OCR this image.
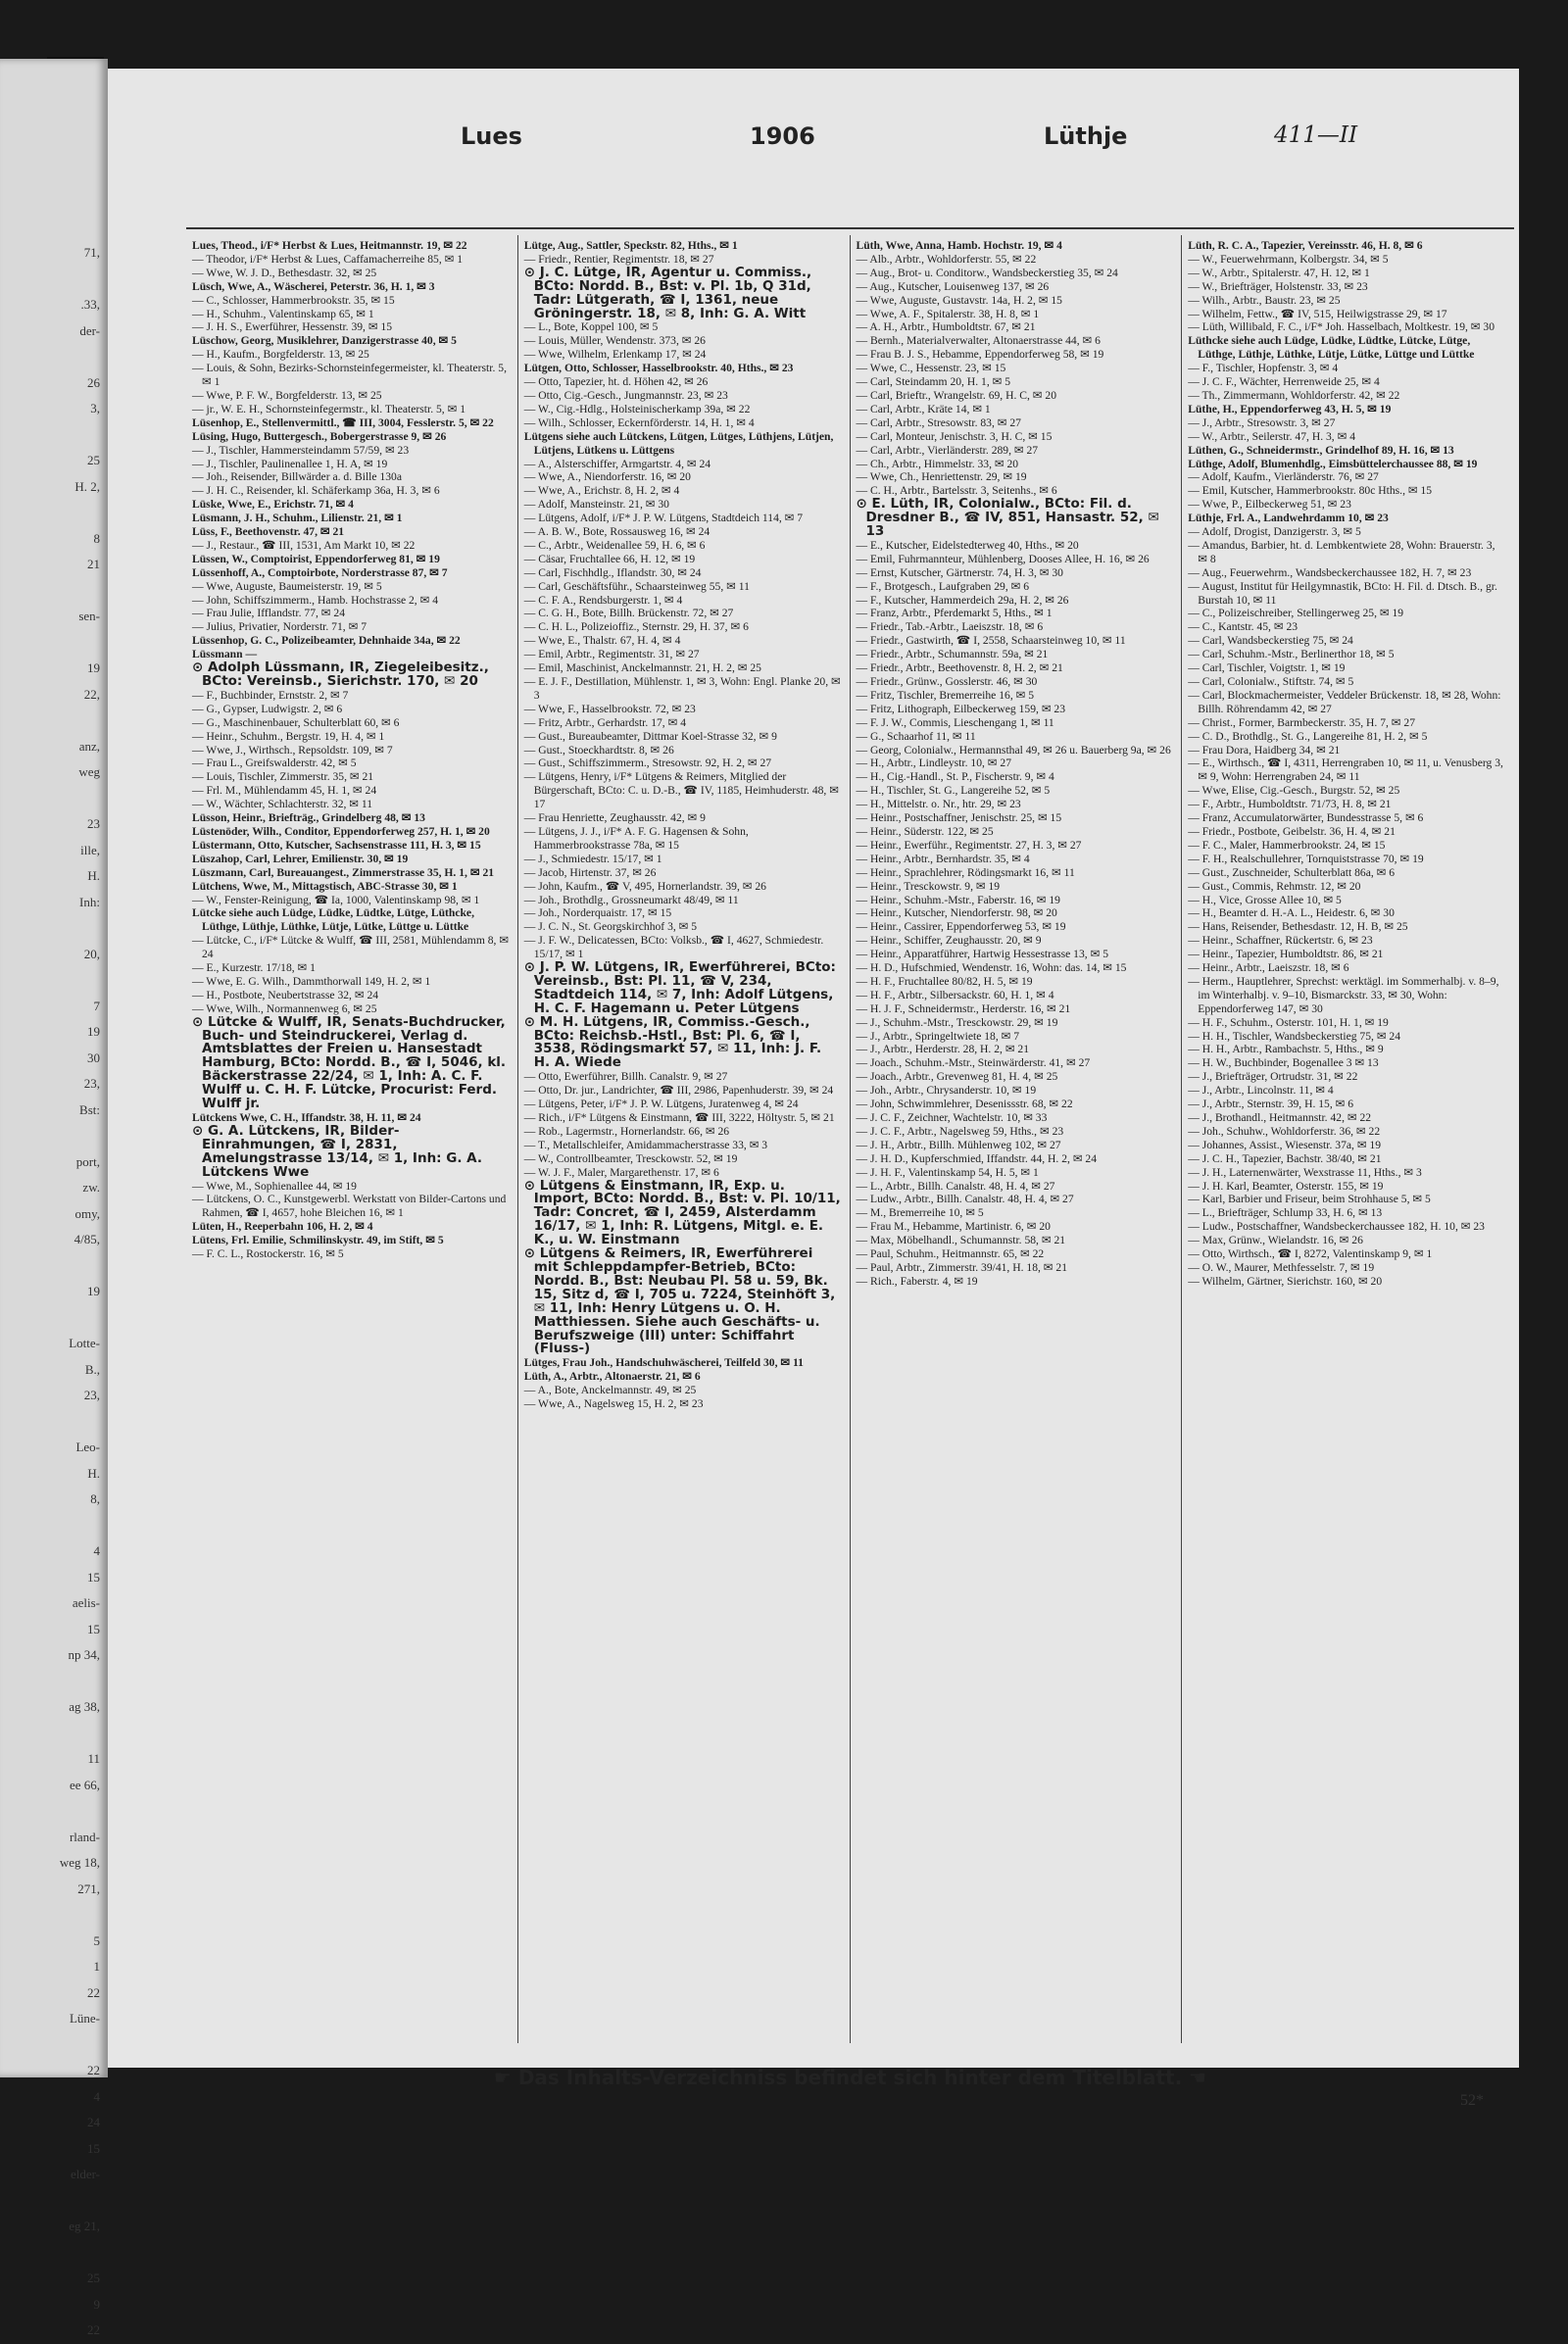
71,

.33,
der-

26
3,

25
H. 2,

8
21

sen-

19
22,

anz,
weg

23
ille,
H.
Inh:

20,

7
19
30
23,
Bst:

port,
zw.
omy,
4/85,

19

Lotte-
B.,
23,

Leo-
H.
8,

4
15
aelis-
15
np 34,

ag 38,

11
ee 66,

rland-
weg 18,
271,

5
1
22
Lüne-

22
4
24
15
elder-

eg 21,

25
9
22
Lues	1906	Lüthje	411—II

Lues, Theod., i/F* Herbst & Lues, Heitmannstr. 19, ✉ 22

— Theodor, i/F* Herbst & Lues, Caffamacherreihe 85, ✉ 1

— Wwe, W. J. D., Bethesdastr. 32, ✉ 25

Lüsch, Wwe, A., Wäscherei, Peterstr. 36, H. 1, ✉ 3

— C., Schlosser, Hammerbrookstr. 35, ✉ 15

— H., Schuhm., Valentinskamp 65, ✉ 1

— J. H. S., Ewerführer, Hessenstr. 39, ✉ 15

Lüschow, Georg, Musiklehrer, Danzigerstrasse 40, ✉ 5

— H., Kaufm., Borgfelderstr. 13, ✉ 25

— Louis, & Sohn, Bezirks-Schornsteinfegermeister, kl. Theaterstr. 5, ✉ 1

— Wwe, P. F. W., Borgfelderstr. 13, ✉ 25

— jr., W. E. H., Schornsteinfegermstr., kl. Theaterstr. 5, ✉ 1

Lüsenhop, E., Stellenvermittl., ☎ III, 3004, Fesslerstr. 5, ✉ 22

Lüsing, Hugo, Buttergesch., Bobergerstrasse 9, ✉ 26

— J., Tischler, Hammersteindamm 57/59, ✉ 23

— J., Tischler, Paulinenallee 1, H. A, ✉ 19

— Joh., Reisender, Billwärder a. d. Bille 130a

— J. H. C., Reisender, kl. Schäferkamp 36a, H. 3, ✉ 6

Lüske, Wwe, E., Erichstr. 71, ✉ 4

Lüsmann, J. H., Schuhm., Lilienstr. 21, ✉ 1

Lüss, F., Beethovenstr. 47, ✉ 21

— J., Restaur., ☎ III, 1531, Am Markt 10, ✉ 22

Lüssen, W., Comptoirist, Eppendorferweg 81, ✉ 19

Lüssenhoff, A., Comptoirbote, Norderstrasse 87, ✉ 7

— Wwe, Auguste, Baumeisterstr. 19, ✉ 5

— John, Schiffszimmerm., Hamb. Hochstrasse 2, ✉ 4

— Frau Julie, Ifflandstr. 77, ✉ 24

— Julius, Privatier, Norderstr. 71, ✉ 7

Lüssenhop, G. C., Polizeibeamter, Dehnhaide 34a, ✉ 22

Lüssmann —

⊙ Adolph Lüssmann, IR, Ziegeleibesitz., BCto: Vereinsb., Sierichstr. 170, ✉ 20

— F., Buchbinder, Ernststr. 2, ✉ 7

— G., Gypser, Ludwigstr. 2, ✉ 6

— G., Maschinenbauer, Schulterblatt 60, ✉ 6

— Heinr., Schuhm., Bergstr. 19, H. 4, ✉ 1

— Wwe, J., Wirthsch., Repsoldstr. 109, ✉ 7

— Frau L., Greifswalderstr. 42, ✉ 5

— Louis, Tischler, Zimmerstr. 35, ✉ 21

— Frl. M., Mühlendamm 45, H. 1, ✉ 24

— W., Wächter, Schlachterstr. 32, ✉ 11

Lüsson, Heinr., Briefträg., Grindelberg 48, ✉ 13

Lüstenöder, Wilh., Conditor, Eppendorferweg 257, H. 1, ✉ 20

Lüstermann, Otto, Kutscher, Sachsenstrasse 111, H. 3, ✉ 15

Lüszahop, Carl, Lehrer, Emilienstr. 30, ✉ 19

Lüszmann, Carl, Bureauangest., Zimmerstrasse 35, H. 1, ✉ 21

Lütchens, Wwe, M., Mittagstisch, ABC-Strasse 30, ✉ 1

— W., Fenster-Reinigung, ☎ Ia, 1000, Valentinskamp 98, ✉ 1

Lütcke siehe auch Lüdge, Lüdke, Lüdtke, Lütge, Lüthcke, Lüthge, Lüthje, Lüthke, Lütje, Lütke, Lüttge u. Lüttke

— Lütcke, C., i/F* Lütcke & Wulff, ☎ III, 2581, Mühlendamm 8, ✉ 24

— E., Kurzestr. 17/18, ✉ 1

— Wwe, E. G. Wilh., Dammthorwall 149, H. 2, ✉ 1

— H., Postbote, Neubertstrasse 32, ✉ 24

— Wwe, Wilh., Normannenweg 6, ✉ 25

⊙ Lütcke & Wulff, IR, Senats-Buchdrucker, Buch- und Steindruckerei, Verlag d. Amtsblattes der Freien u. Hansestadt Hamburg, BCto: Nordd. B., ☎ I, 5046, kl. Bäckerstrasse 22/24, ✉ 1, Inh: A. C. F. Wulff u. C. H. F. Lütcke, Procurist: Ferd. Wulff jr.

Lütckens Wwe, C. H., Iffandstr. 38, H. 11, ✉ 24

⊙ G. A. Lütckens, IR, Bilder-Einrahmungen, ☎ I, 2831, Amelungstrasse 13/14, ✉ 1, Inh: G. A. Lütckens Wwe

— Wwe, M., Sophienallee 44, ✉ 19

— Lütckens, O. C., Kunstgewerbl. Werkstatt von Bilder-Cartons und Rahmen, ☎ I, 4657, hohe Bleichen 16, ✉ 1

Lüten, H., Reeperbahn 106, H. 2, ✉ 4

Lütens, Frl. Emilie, Schmilinskystr. 49, im Stift, ✉ 5

— F. C. L., Rostockerstr. 16, ✉ 5

Lütge, Aug., Sattler, Speckstr. 82, Hths., ✉ 1

— Friedr., Rentier, Regimentstr. 18, ✉ 27

⊙ J. C. Lütge, IR, Agentur u. Commiss., BCto: Nordd. B., Bst: v. Pl. 1b, Q 31d, Tadr: Lütgerath, ☎ I, 1361, neue Gröningerstr. 18, ✉ 8, Inh: G. A. Witt

— L., Bote, Koppel 100, ✉ 5

— Louis, Müller, Wendenstr. 373, ✉ 26

— Wwe, Wilhelm, Erlenkamp 17, ✉ 24

Lütgen, Otto, Schlosser, Hasselbrookstr. 40, Hths., ✉ 23

— Otto, Tapezier, ht. d. Höhen 42, ✉ 26

— Otto, Cig.-Gesch., Jungmannstr. 23, ✉ 23

— W., Cig.-Hdlg., Holsteinischerkamp 39a, ✉ 22

— Wilh., Schlosser, Eckernförderstr. 14, H. 1, ✉ 4

Lütgens siehe auch Lütckens, Lütgen, Lütges, Lüthjens, Lütjen, Lütjens, Lütkens u. Lüttgens

— A., Alsterschiffer, Armgartstr. 4, ✉ 24

— Wwe, A., Niendorferstr. 16, ✉ 20

— Wwe, A., Erichstr. 8, H. 2, ✉ 4

— Adolf, Mansteinstr. 21, ✉ 30

— Lütgens, Adolf, i/F* J. P. W. Lütgens, Stadtdeich 114, ✉ 7

— A. B. W., Bote, Rossausweg 16, ✉ 24

— C., Arbtr., Weidenallee 59, H. 6, ✉ 6

— Cäsar, Fruchtallee 66, H. 12, ✉ 19

— Carl, Fischhdlg., Iflandstr. 30, ✉ 24

— Carl, Geschäftsführ., Schaarsteinweg 55, ✉ 11

— C. F. A., Rendsburgerstr. 1, ✉ 4

— C. G. H., Bote, Billh. Brückenstr. 72, ✉ 27

— C. H. L., Polizeioffiz., Sternstr. 29, H. 37, ✉ 6

— Wwe, E., Thalstr. 67, H. 4, ✉ 4

— Emil, Arbtr., Regimentstr. 31, ✉ 27

— Emil, Maschinist, Anckelmannstr. 21, H. 2, ✉ 25

— E. J. F., Destillation, Mühlenstr. 1, ✉ 3, Wohn: Engl. Planke 20, ✉ 3

— Wwe, F., Hasselbrookstr. 72, ✉ 23

— Fritz, Arbtr., Gerhardstr. 17, ✉ 4

— Gust., Bureaubeamter, Dittmar Koel-Strasse 32, ✉ 9

— Gust., Stoeckhardtstr. 8, ✉ 26

— Gust., Schiffszimmerm., Stresowstr. 92, H. 2, ✉ 27

— Lütgens, Henry, i/F* Lütgens & Reimers, Mitglied der Bürgerschaft, BCto: C. u. D.-B., ☎ IV, 1185, Heimhuderstr. 48, ✉ 17

— Frau Henriette, Zeughausstr. 42, ✉ 9

— Lütgens, J. J., i/F* A. F. G. Hagensen & Sohn, Hammerbrookstrasse 78a, ✉ 15

— J., Schmiedestr. 15/17, ✉ 1

— Jacob, Hirtenstr. 37, ✉ 26

— John, Kaufm., ☎ V, 495, Hornerlandstr. 39, ✉ 26

— Joh., Brothdlg., Grossneumarkt 48/49, ✉ 11

— Joh., Norderquaistr. 17, ✉ 15

— J. C. N., St. Georgskirchhof 3, ✉ 5

— J. F. W., Delicatessen, BCto: Volksb., ☎ I, 4627, Schmiedestr. 15/17, ✉ 1

⊙ J. P. W. Lütgens, IR, Ewerführerei, BCto: Vereinsb., Bst: Pl. 11, ☎ V, 234, Stadtdeich 114, ✉ 7, Inh: Adolf Lütgens, H. C. F. Hagemann u. Peter Lütgens

⊙ M. H. Lütgens, IR, Commiss.-Gesch., BCto: Reichsb.-Hstl., Bst: Pl. 6, ☎ I, 3538, Rödingsmarkt 57, ✉ 11, Inh: J. F. H. A. Wiede

— Otto, Ewerführer, Billh. Canalstr. 9, ✉ 27

— Otto, Dr. jur., Landrichter, ☎ III, 2986, Papenhuderstr. 39, ✉ 24

— Lütgens, Peter, i/F* J. P. W. Lütgens, Juratenweg 4, ✉ 24

— Rich., i/F* Lütgens & Einstmann, ☎ III, 3222, Höltystr. 5, ✉ 21

— Rob., Lagermstr., Hornerlandstr. 66, ✉ 26

— T., Metallschleifer, Amidammacherstrasse 33, ✉ 3

— W., Controllbeamter, Tresckowstr. 52, ✉ 19

— W. J. F., Maler, Margarethenstr. 17, ✉ 6

⊙ Lütgens & Einstmann, IR, Exp. u. Import, BCto: Nordd. B., Bst: v. Pl. 10/11, Tadr: Concret, ☎ I, 2459, Alsterdamm 16/17, ✉ 1, Inh: R. Lütgens, Mitgl. e. E. K., u. W. Einstmann

⊙ Lütgens & Reimers, IR, Ewerführerei mit Schleppdampfer-Betrieb, BCto: Nordd. B., Bst: Neubau Pl. 58 u. 59, Bk. 15, Sitz d, ☎ I, 705 u. 7224, Steinhöft 3, ✉ 11, Inh: Henry Lütgens u. O. H. Matthiessen. Siehe auch Geschäfts- u. Berufszweige (III) unter: Schiffahrt (Fluss-)

Lütges, Frau Joh., Handschuhwäscherei, Teilfeld 30, ✉ 11

Lüth, A., Arbtr., Altonaerstr. 21, ✉ 6

— A., Bote, Anckelmannstr. 49, ✉ 25

— Wwe, A., Nagelsweg 15, H. 2, ✉ 23

Lüth, Wwe, Anna, Hamb. Hochstr. 19, ✉ 4

— Alb., Arbtr., Wohldorferstr. 55, ✉ 22

— Aug., Brot- u. Conditorw., Wandsbeckerstieg 35, ✉ 24

— Aug., Kutscher, Louisenweg 137, ✉ 26

— Wwe, Auguste, Gustavstr. 14a, H. 2, ✉ 15

— Wwe, A. F., Spitalerstr. 38, H. 8, ✉ 1

— A. H., Arbtr., Humboldtstr. 67, ✉ 21

— Bernh., Materialverwalter, Altonaerstrasse 44, ✉ 6

— Frau B. J. S., Hebamme, Eppendorferweg 58, ✉ 19

— Wwe, C., Hessenstr. 23, ✉ 15

— Carl, Steindamm 20, H. 1, ✉ 5

— Carl, Brieftr., Wrangelstr. 69, H. C, ✉ 20

— Carl, Arbtr., Kräte 14, ✉ 1

— Carl, Arbtr., Stresowstr. 83, ✉ 27

— Carl, Monteur, Jenischstr. 3, H. C, ✉ 15

— Carl, Arbtr., Vierländerstr. 289, ✉ 27

— Ch., Arbtr., Himmelstr. 33, ✉ 20

— Wwe, Ch., Henriettenstr. 29, ✉ 19

— C. H., Arbtr., Bartelsstr. 3, Seitenhs., ✉ 6

⊙ E. Lüth, IR, Colonialw., BCto: Fil. d. Dresdner B., ☎ IV, 851, Hansastr. 52, ✉ 13

— E., Kutscher, Eidelstedterweg 40, Hths., ✉ 20

— Emil, Fuhrmannteur, Mühlenberg, Dooses Allee, H. 16, ✉ 26

— Ernst, Kutscher, Gärtnerstr. 74, H. 3, ✉ 30

— F., Brotgesch., Laufgraben 29, ✉ 6

— F., Kutscher, Hammerdeich 29a, H. 2, ✉ 26

— Franz, Arbtr., Pferdemarkt 5, Hths., ✉ 1

— Friedr., Tab.-Arbtr., Laeiszstr. 18, ✉ 6

— Friedr., Gastwirth, ☎ I, 2558, Schaarsteinweg 10, ✉ 11

— Friedr., Arbtr., Schumannstr. 59a, ✉ 21

— Friedr., Arbtr., Beethovenstr. 8, H. 2, ✉ 21

— Friedr., Grünw., Gosslerstr. 46, ✉ 30

— Fritz, Tischler, Bremerreihe 16, ✉ 5

— Fritz, Lithograph, Eilbeckerweg 159, ✉ 23

— F. J. W., Commis, Lieschengang 1, ✉ 11

— G., Schaarhof 11, ✉ 11

— Georg, Colonialw., Hermannsthal 49, ✉ 26 u. Bauerberg 9a, ✉ 26

— H., Arbtr., Lindleystr. 10, ✉ 27

— H., Cig.-Handl., St. P., Fischerstr. 9, ✉ 4

— H., Tischler, St. G., Langereihe 52, ✉ 5

— H., Mittelstr. o. Nr., htr. 29, ✉ 23

— Heinr., Postschaffner, Jenischstr. 25, ✉ 15

— Heinr., Süderstr. 122, ✉ 25

— Heinr., Ewerführ., Regimentstr. 27, H. 3, ✉ 27

— Heinr., Arbtr., Bernhardstr. 35, ✉ 4

— Heinr., Sprachlehrer, Rödingsmarkt 16, ✉ 11

— Heinr., Tresckowstr. 9, ✉ 19

— Heinr., Schuhm.-Mstr., Faberstr. 16, ✉ 19

— Heinr., Kutscher, Niendorferstr. 98, ✉ 20

— Heinr., Cassirer, Eppendorferweg 53, ✉ 19

— Heinr., Schiffer, Zeughausstr. 20, ✉ 9

— Heinr., Apparatführer, Hartwig Hessestrasse 13, ✉ 5

— H. D., Hufschmied, Wendenstr. 16, Wohn: das. 14, ✉ 15

— H. F., Fruchtallee 80/82, H. 5, ✉ 19

— H. F., Arbtr., Silbersackstr. 60, H. 1, ✉ 4

— H. J. F., Schneidermstr., Herderstr. 16, ✉ 21

— J., Schuhm.-Mstr., Tresckowstr. 29, ✉ 19

— J., Arbtr., Springeltwiete 18, ✉ 7

— J., Arbtr., Herderstr. 28, H. 2, ✉ 21

— Joach., Schuhm.-Mstr., Steinwärderstr. 41, ✉ 27

— Joach., Arbtr., Grevenweg 81, H. 4, ✉ 25

— Joh., Arbtr., Chrysanderstr. 10, ✉ 19

— John, Schwimmlehrer, Desenissstr. 68, ✉ 22

— J. C. F., Zeichner, Wachtelstr. 10, ✉ 33

— J. C. F., Arbtr., Nagelsweg 59, Hths., ✉ 23

— J. H., Arbtr., Billh. Mühlenweg 102, ✉ 27

— J. H. D., Kupferschmied, Iffandstr. 44, H. 2, ✉ 24

— J. H. F., Valentinskamp 54, H. 5, ✉ 1

— L., Arbtr., Billh. Canalstr. 48, H. 4, ✉ 27

— Ludw., Arbtr., Billh. Canalstr. 48, H. 4, ✉ 27

— M., Bremerreihe 10, ✉ 5

— Frau M., Hebamme, Martinistr. 6, ✉ 20

— Max, Möbelhandl., Schumannstr. 58, ✉ 21

— Paul, Schuhm., Heitmannstr. 65, ✉ 22

— Paul, Arbtr., Zimmerstr. 39/41, H. 18, ✉ 21

— Rich., Faberstr. 4, ✉ 19

Lüth, R. C. A., Tapezier, Vereinsstr. 46, H. 8, ✉ 6

— W., Feuerwehrmann, Kolbergstr. 34, ✉ 5

— W., Arbtr., Spitalerstr. 47, H. 12, ✉ 1

— W., Briefträger, Holstenstr. 33, ✉ 23

— Wilh., Arbtr., Baustr. 23, ✉ 25

— Wilhelm, Fettw., ☎ IV, 515, Heilwigstrasse 29, ✉ 17

— Lüth, Willibald, F. C., i/F* Joh. Hasselbach, Moltkestr. 19, ✉ 30

Lüthcke siehe auch Lüdge, Lüdke, Lüdtke, Lütcke, Lütge, Lüthge, Lüthje, Lüthke, Lütje, Lütke, Lüttge und Lüttke

— F., Tischler, Hopfenstr. 3, ✉ 4

— J. C. F., Wächter, Herrenweide 25, ✉ 4

— Th., Zimmermann, Wohldorferstr. 42, ✉ 22

Lüthe, H., Eppendorferweg 43, H. 5, ✉ 19

— J., Arbtr., Stresowstr. 3, ✉ 27

— W., Arbtr., Seilerstr. 47, H. 3, ✉ 4

Lüthen, G., Schneidermstr., Grindelhof 89, H. 16, ✉ 13

Lüthge, Adolf, Blumenhdlg., Eimsbüttelerchaussee 88, ✉ 19

— Adolf, Kaufm., Vierländerstr. 76, ✉ 27

— Emil, Kutscher, Hammerbrookstr. 80c Hths., ✉ 15

— Wwe, P., Eilbeckerweg 51, ✉ 23

Lüthje, Frl. A., Landwehrdamm 10, ✉ 23

— Adolf, Drogist, Danzigerstr. 3, ✉ 5

— Amandus, Barbier, ht. d. Lembkentwiete 28, Wohn: Brauerstr. 3, ✉ 8

— Aug., Feuerwehrm., Wandsbeckerchaussee 182, H. 7, ✉ 23

— August, Institut für Heilgymnastik, BCto: H. Fil. d. Dtsch. B., gr. Burstah 10, ✉ 11

— C., Polizeischreiber, Stellingerweg 25, ✉ 19

— C., Kantstr. 45, ✉ 23

— Carl, Wandsbeckerstieg 75, ✉ 24

— Carl, Schuhm.-Mstr., Berlinerthor 18, ✉ 5

— Carl, Tischler, Voigtstr. 1, ✉ 19

— Carl, Colonialw., Stiftstr. 74, ✉ 5

— Carl, Blockmachermeister, Veddeler Brückenstr. 18, ✉ 28, Wohn: Billh. Röhrendamm 42, ✉ 27

— Christ., Former, Barmbeckerstr. 35, H. 7, ✉ 27

— C. D., Brothdlg., St. G., Langereihe 81, H. 2, ✉ 5

— Frau Dora, Haidberg 34, ✉ 21

— E., Wirthsch., ☎ I, 4311, Herrengraben 10, ✉ 11, u. Venusberg 3, ✉ 9, Wohn: Herrengraben 24, ✉ 11

— Wwe, Elise, Cig.-Gesch., Burgstr. 52, ✉ 25

— F., Arbtr., Humboldtstr. 71/73, H. 8, ✉ 21

— Franz, Accumulatorwärter, Bundesstrasse 5, ✉ 6

— Friedr., Postbote, Geibelstr. 36, H. 4, ✉ 21

— F. C., Maler, Hammerbrookstr. 24, ✉ 15

— F. H., Realschullehrer, Tornquiststrasse 70, ✉ 19

— Gust., Zuschneider, Schulterblatt 86a, ✉ 6

— Gust., Commis, Rehmstr. 12, ✉ 20

— H., Vice, Grosse Allee 10, ✉ 5

— H., Beamter d. H.-A. L., Heidestr. 6, ✉ 30

— Hans, Reisender, Bethesdastr. 12, H. B, ✉ 25

— Heinr., Schaffner, Rückertstr. 6, ✉ 23

— Heinr., Tapezier, Humboldtstr. 86, ✉ 21

— Heinr., Arbtr., Laeiszstr. 18, ✉ 6

— Herm., Hauptlehrer, Sprechst: werktägl. im Sommerhalbj. v. 8–9, im Winterhalbj. v. 9–10, Bismarckstr. 33, ✉ 30, Wohn: Eppendorferweg 147, ✉ 30

— H. F., Schuhm., Osterstr. 101, H. 1, ✉ 19

— H. H., Tischler, Wandsbeckerstieg 75, ✉ 24

— H. H., Arbtr., Rambachstr. 5, Hths., ✉ 9

— H. W., Buchbinder, Bogenallee 3 ✉ 13

— J., Briefträger, Ortrudstr. 31, ✉ 22

— J., Arbtr., Lincolnstr. 11, ✉ 4

— J., Arbtr., Sternstr. 39, H. 15, ✉ 6

— J., Brothandl., Heitmannstr. 42, ✉ 22

— Joh., Schuhw., Wohldorferstr. 36, ✉ 22

— Johannes, Assist., Wiesenstr. 37a, ✉ 19

— J. C. H., Tapezier, Bachstr. 38/40, ✉ 21

— J. H., Laternenwärter, Wexstrasse 11, Hths., ✉ 3

— J. H. Karl, Beamter, Osterstr. 155, ✉ 19

— Karl, Barbier und Friseur, beim Strohhause 5, ✉ 5

— L., Briefträger, Schlump 33, H. 6, ✉ 13

— Ludw., Postschaffner, Wandsbeckerchaussee 182, H. 10, ✉ 23

— Max, Grünw., Wielandstr. 16, ✉ 26

— Otto, Wirthsch., ☎ I, 8272, Valentinskamp 9, ✉ 1

— O. W., Maurer, Methfesselstr. 7, ✉ 19

— Wilhelm, Gärtner, Sierichstr. 160, ✉ 20

☛ Das Inhalts-Verzeichniss befindet sich hinter dem Titelblatt. ☚
52*
